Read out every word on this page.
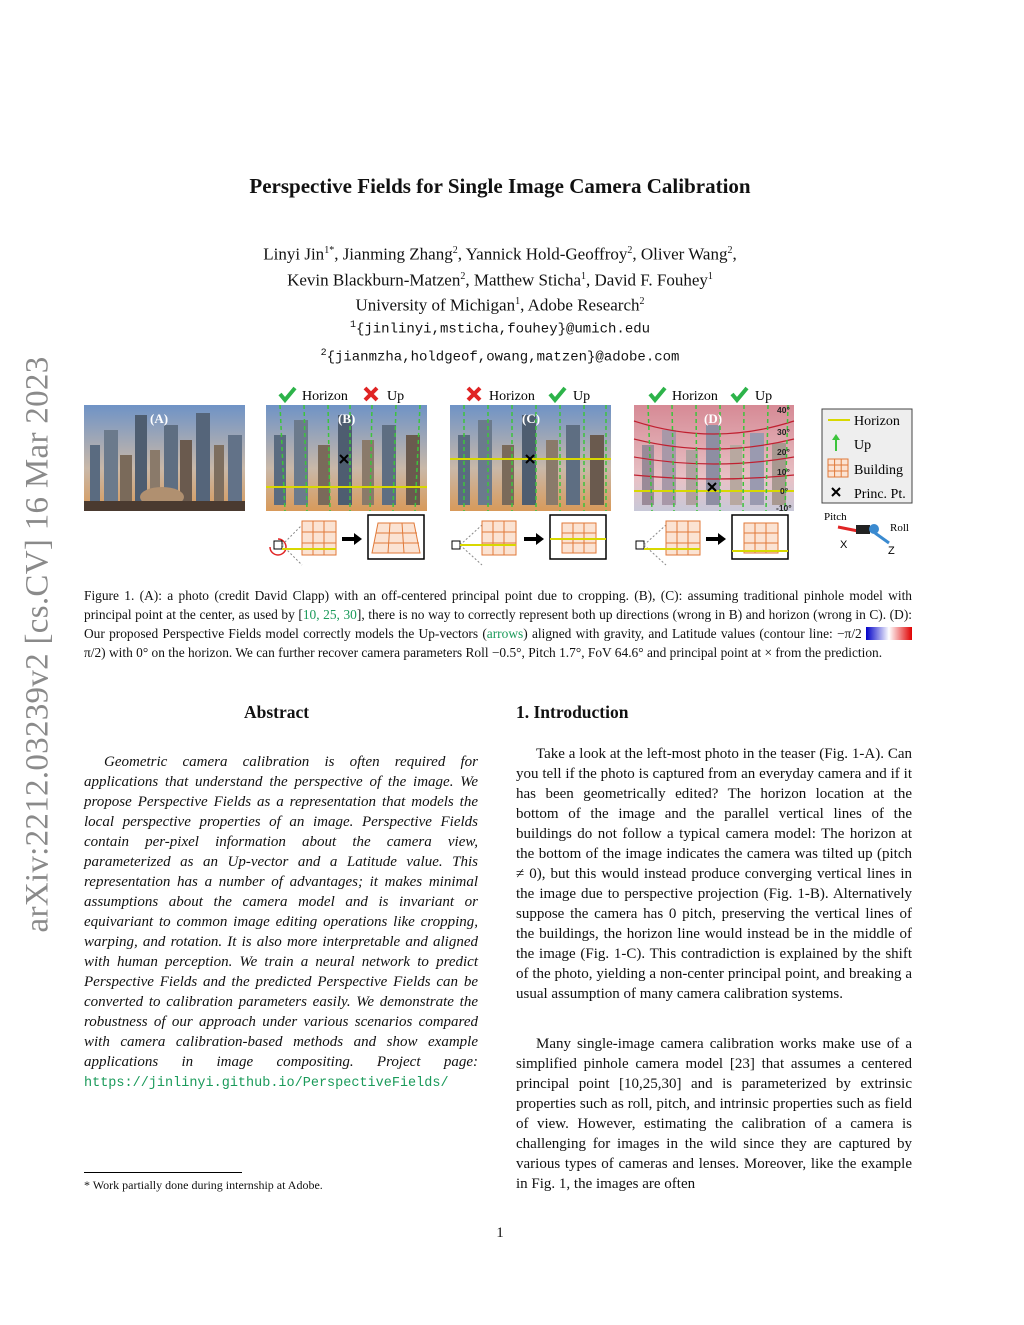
arXiv:2212.03239v2 [cs.CV] 16 Mar 2023
Perspective Fields for Single Image Camera Calibration
Linyi Jin$^{1*}$, Jianming Zhang$^2$, Yannick Hold-Geoffroy$^2$, Oliver Wang$^2$,
Kevin Blackburn-Matzen$^2$, Matthew Sticha$^1$, David F. Fouhey$^1$
University of Michigan$^1$, Adobe Research$^2$
$^1${jinlinyi,msticha,fouhey}@umich.edu
$^2${jianmzha,holdgeof,owang,matzen}@adobe.com
(A)
Horizon	Up
(B)
Horizon	Up
(C)
Horizon	Up
(D)
40°
30°
20°
10°
0°
-10°
Horizon
Up
Building
Princ. Pt.
Pitch
Roll
X	Z
Figure 1. (A): a photo (credit David Clapp) with an off-centered principal point due to cropping. (B), (C): assuming traditional pinhole model with principal point at the center, as used by [10, 25, 30], there is no way to correctly represent both up directions (wrong in B) and horizon (wrong in C). (D): Our proposed Perspective Fields model correctly models the Up-vectors (arrows) aligned with gravity, and Latitude values (contour line: −π/2  π/2) with 0° on the horizon. We can further recover camera parameters Roll −0.5°, Pitch 1.7°, FoV 64.6° and principal point at × from the prediction.
Abstract

Geometric camera calibration is often required for applications that understand the perspective of the image. We propose Perspective Fields as a representation that models the local perspective properties of an image. Perspective Fields contain per-pixel information about the camera view, parameterized as an Up-vector and a Latitude value. This representation has a number of advantages; it makes minimal assumptions about the camera model and is invariant or equivariant to common image editing operations like cropping, warping, and rotation. It is also more interpretable and aligned with human perception. We train a neural network to predict Perspective Fields and the predicted Perspective Fields can be converted to calibration parameters easily. We demonstrate the robustness of our approach under various scenarios compared with camera calibration-based methods and show example applications in image compositing. Project page: https://jinlinyi.github.io/PerspectiveFields/

1. Introduction

Take a look at the left-most photo in the teaser (Fig. 1-A). Can you tell if the photo is captured from an everyday camera and if it has been geometrically edited? The horizon location at the bottom of the image and the parallel vertical lines of the buildings do not follow a typical camera model: The horizon at the bottom of the image indicates the camera was tilted up (pitch ≠ 0), but this would instead produce converging vertical lines in the image due to perspective projection (Fig. 1-B). Alternatively suppose the camera has 0 pitch, preserving the vertical lines of the buildings, the horizon line would instead be in the middle of the image (Fig. 1-C). This contradiction is explained by the shift of the photo, yielding a non-center principal point, and breaking a usual assumption of many camera calibration systems.

Many single-image camera calibration works make use of a simplified pinhole camera model [23] that assumes a centered principal point [10,25,30] and is parameterized by extrinsic properties such as roll, pitch, and intrinsic properties such as field of view. However, estimating the calibration of a camera is challenging for images in the wild since they are captured by various types of cameras and lenses. Moreover, like the example in Fig. 1, the images are often

* Work partially done during internship at Adobe.
1
